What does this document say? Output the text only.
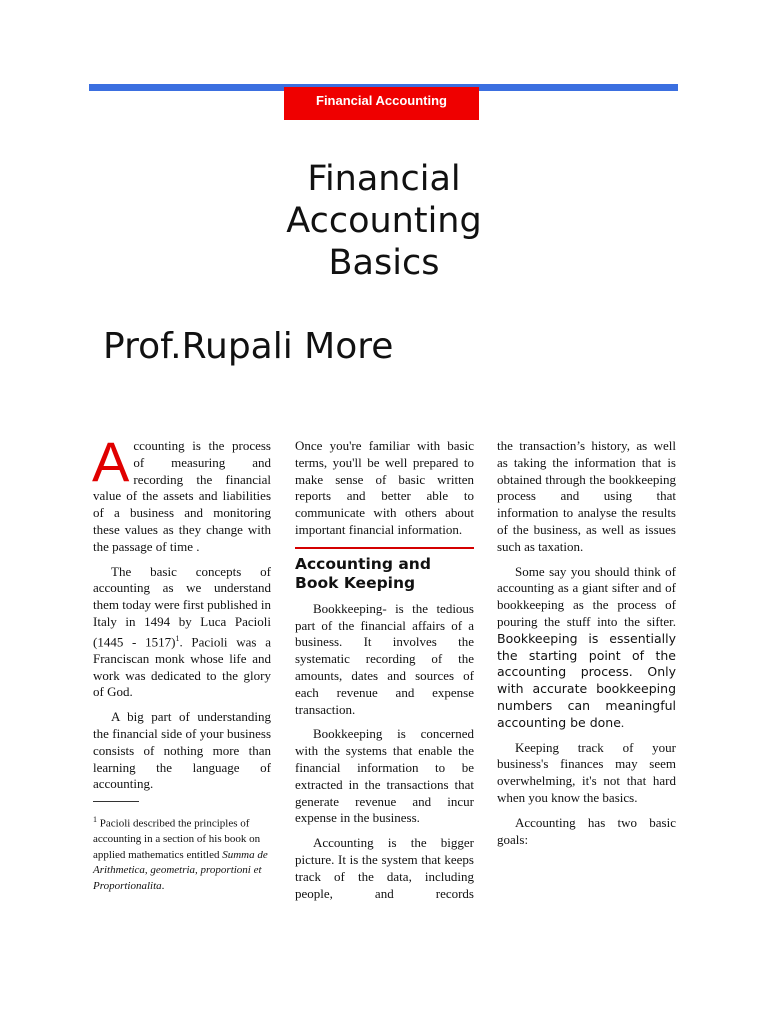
Financial Accounting
Financial
Accounting
Basics
Prof.Rupali More

Accounting is the process of measuring and recording the financial value of the assets and liabilities of a business and monitoring these values as they change with the passage of time .

The basic concepts of accounting as we understand them today were first published in Italy in 1494 by Luca Pacioli (1445 - 1517)$^1$. Pacioli was a Franciscan monk whose life and work was dedicated to the glory of God.

A big part of understanding the financial side of your business consists of nothing more than learning the language of accounting.

$^1$ Pacioli described the principles of accounting in a section of his book on applied mathematics entitled Summa de Arithmetica, geometria, proportioni et Proportionalita.

Once you're familiar with basic terms, you'll be well prepared to make sense of basic written reports and better able to communicate with others about important financial information.

Accounting and Book Keeping

Bookkeeping- is the tedious part of the financial affairs of a business. It involves the systematic recording of the amounts, dates and sources of each revenue and expense transaction.

Bookkeeping is concerned with the systems that enable the financial information to be extracted in the transactions that generate revenue and incur expense in the business.

Accounting is the bigger picture. It is the system that keeps track of the data, including people, and records

the transaction’s history, as well as taking the information that is obtained through the bookkeeping process and using that information to analyse the results of the business, as well as issues such as taxation.

Some say you should think of accounting as a giant sifter and of bookkeeping as the process of pouring the stuff into the sifter. Bookkeeping is essentially the starting point of the accounting process. Only with accurate bookkeeping numbers can meaningful accounting be done.

Keeping track of your business's finances may seem overwhelming, it's not that hard when you know the basics.

Accounting has two basic goals:
